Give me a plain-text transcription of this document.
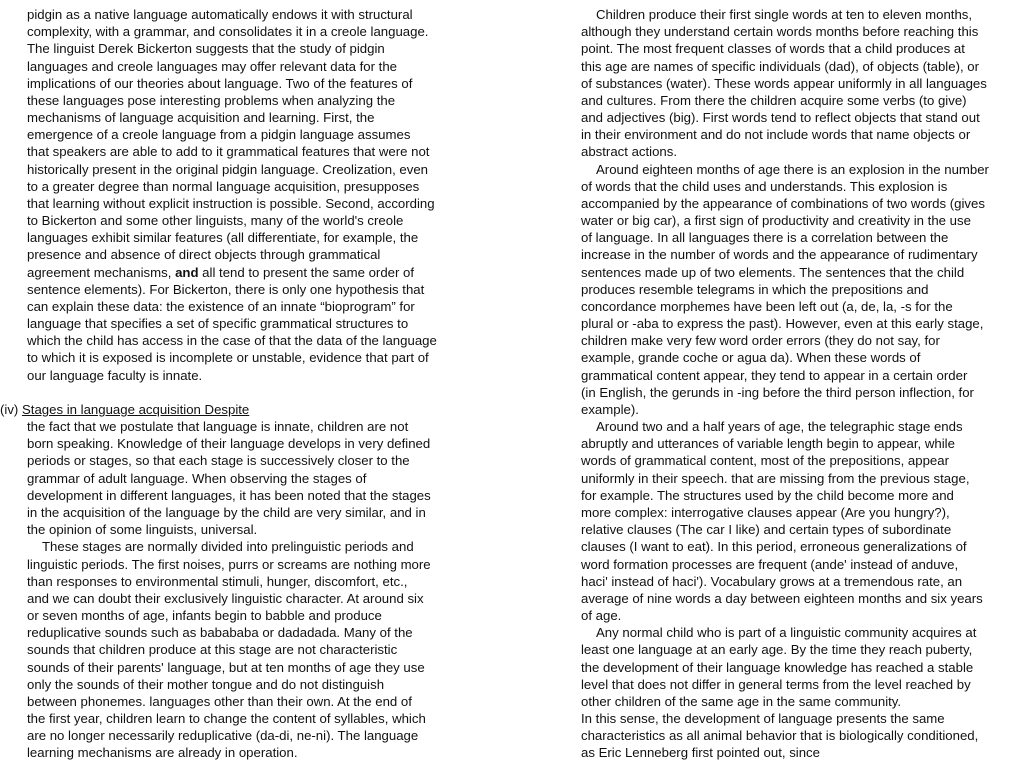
pidgin as a native language automatically endows it with structural
complexity, with a grammar, and consolidates it in a creole language.
The linguist Derek Bickerton suggests that the study of pidgin
languages and creole languages may offer relevant data for the
implications of our theories about language. Two of the features of
these languages pose interesting problems when analyzing the
mechanisms of language acquisition and learning. First, the
emergence of a creole language from a pidgin language assumes
that speakers are able to add to it grammatical features that were not
historically present in the original pidgin language. Creolization, even
to a greater degree than normal language acquisition, presupposes
that learning without explicit instruction is possible. Second, according
to Bickerton and some other linguists, many of the world's creole
languages exhibit similar features (all differentiate, for example, the
presence and absence of direct objects through grammatical
agreement mechanisms, and all tend to present the same order of
sentence elements). For Bickerton, there is only one hypothesis that
can explain these data: the existence of an innate “bioprogram” for
language that specifies a set of specific grammatical structures to
which the child has access in the case of that the data of the language
to which it is exposed is incomplete or unstable, evidence that part of
our language faculty is innate.
(iv) Stages in language acquisition Despite
the fact that we postulate that language is innate, children are not
born speaking. Knowledge of their language develops in very defined
periods or stages, so that each stage is successively closer to the
grammar of adult language. When observing the stages of
development in different languages, it has been noted that the stages
in the acquisition of the language by the child are very similar, and in
the opinion of some linguists, universal.
These stages are normally divided into prelinguistic periods and
linguistic periods. The first noises, purrs or screams are nothing more
than responses to environmental stimuli, hunger, discomfort, etc.,
and we can doubt their exclusively linguistic character. At around six
or seven months of age, infants begin to babble and produce
reduplicative sounds such as babababa or dadadada. Many of the
sounds that children produce at this stage are not characteristic
sounds of their parents' language, but at ten months of age they use
only the sounds of their mother tongue and do not distinguish
between phonemes. languages other than their own. At the end of
the first year, children learn to change the content of syllables, which
are no longer necessarily reduplicative (da-di, ne-ni). The language
learning mechanisms are already in operation.
Children produce their first single words at ten to eleven months,
although they understand certain words months before reaching this
point. The most frequent classes of words that a child produces at
this age are names of specific individuals (dad), of objects (table), or
of substances (water). These words appear uniformly in all languages
and cultures. From there the children acquire some verbs (to give)
and adjectives (big). First words tend to reflect objects that stand out
in their environment and do not include words that name objects or
abstract actions.
Around eighteen months of age there is an explosion in the number
of words that the child uses and understands. This explosion is
accompanied by the appearance of combinations of two words (gives
water or big car), a first sign of productivity and creativity in the use
of language. In all languages there is a correlation between the
increase in the number of words and the appearance of rudimentary
sentences made up of two elements. The sentences that the child
produces resemble telegrams in which the prepositions and
concordance morphemes have been left out (a, de, la, -s for the
plural or -aba to express the past). However, even at this early stage,
children make very few word order errors (they do not say, for
example, grande coche or agua da). When these words of
grammatical content appear, they tend to appear in a certain order
(in English, the gerunds in -ing before the third person inflection, for
example).
Around two and a half years of age, the telegraphic stage ends
abruptly and utterances of variable length begin to appear, while
words of grammatical content, most of the prepositions, appear
uniformly in their speech. that are missing from the previous stage,
for example. The structures used by the child become more and
more complex: interrogative clauses appear (Are you hungry?),
relative clauses (The car I like) and certain types of subordinate
clauses (I want to eat). In this period, erroneous generalizations of
word formation processes are frequent (ande' instead of anduve,
haci' instead of haci'). Vocabulary grows at a tremendous rate, an
average of nine words a day between eighteen months and six years
of age.
Any normal child who is part of a linguistic community acquires at
least one language at an early age. By the time they reach puberty,
the development of their language knowledge has reached a stable
level that does not differ in general terms from the level reached by
other children of the same age in the same community.
In this sense, the development of language presents the same
characteristics as all animal behavior that is biologically conditioned,
as Eric Lenneberg first pointed out, since
